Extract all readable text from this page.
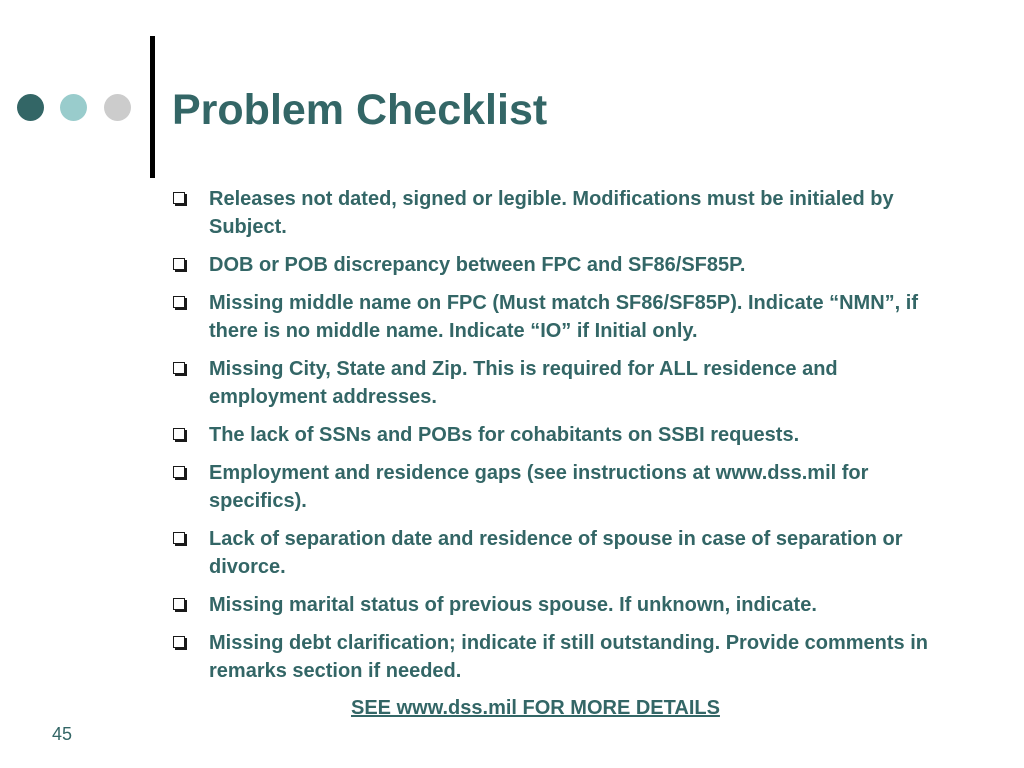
Problem Checklist
Releases not dated, signed or legible. Modifications must be initialed by Subject.
DOB or POB discrepancy between FPC and SF86/SF85P.
Missing middle name on FPC (Must match SF86/SF85P). Indicate “NMN”, if there is no middle name. Indicate “IO” if Initial only.
Missing City, State and Zip. This is required for ALL residence and employment addresses.
The lack of SSNs and POBs for cohabitants on SSBI requests.
Employment and residence gaps (see instructions at www.dss.mil for specifics).
Lack of separation date and residence of spouse in case of separation or divorce.
Missing marital status of previous spouse. If unknown, indicate.
Missing debt clarification; indicate if still outstanding. Provide comments in remarks section if needed.
SEE www.dss.mil FOR MORE DETAILS
45
